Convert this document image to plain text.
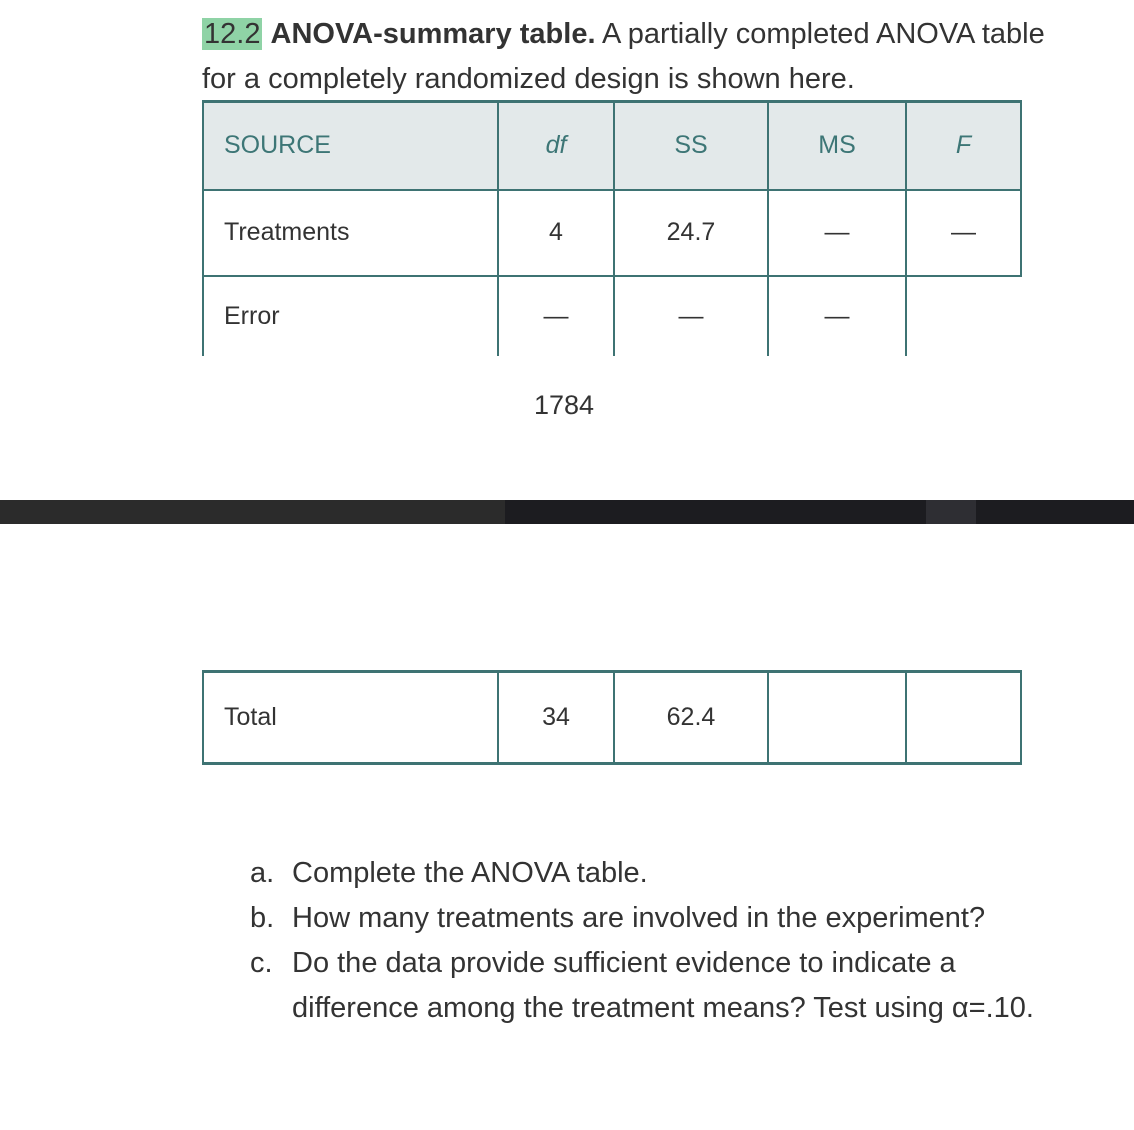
12.2 ANOVA-summary table. A partially completed ANOVA table for a completely randomized design is shown here.
SOURCE	df	SS	MS	F
Treatments	4	24.7	—	—
Error	—	—	—	
1784
Total	34	62.4		
a. Complete the ANOVA table.
b. How many treatments are involved in the experiment?
c. Do the data provide sufficient evidence to indicate a difference among the treatment means? Test using α=.10.
